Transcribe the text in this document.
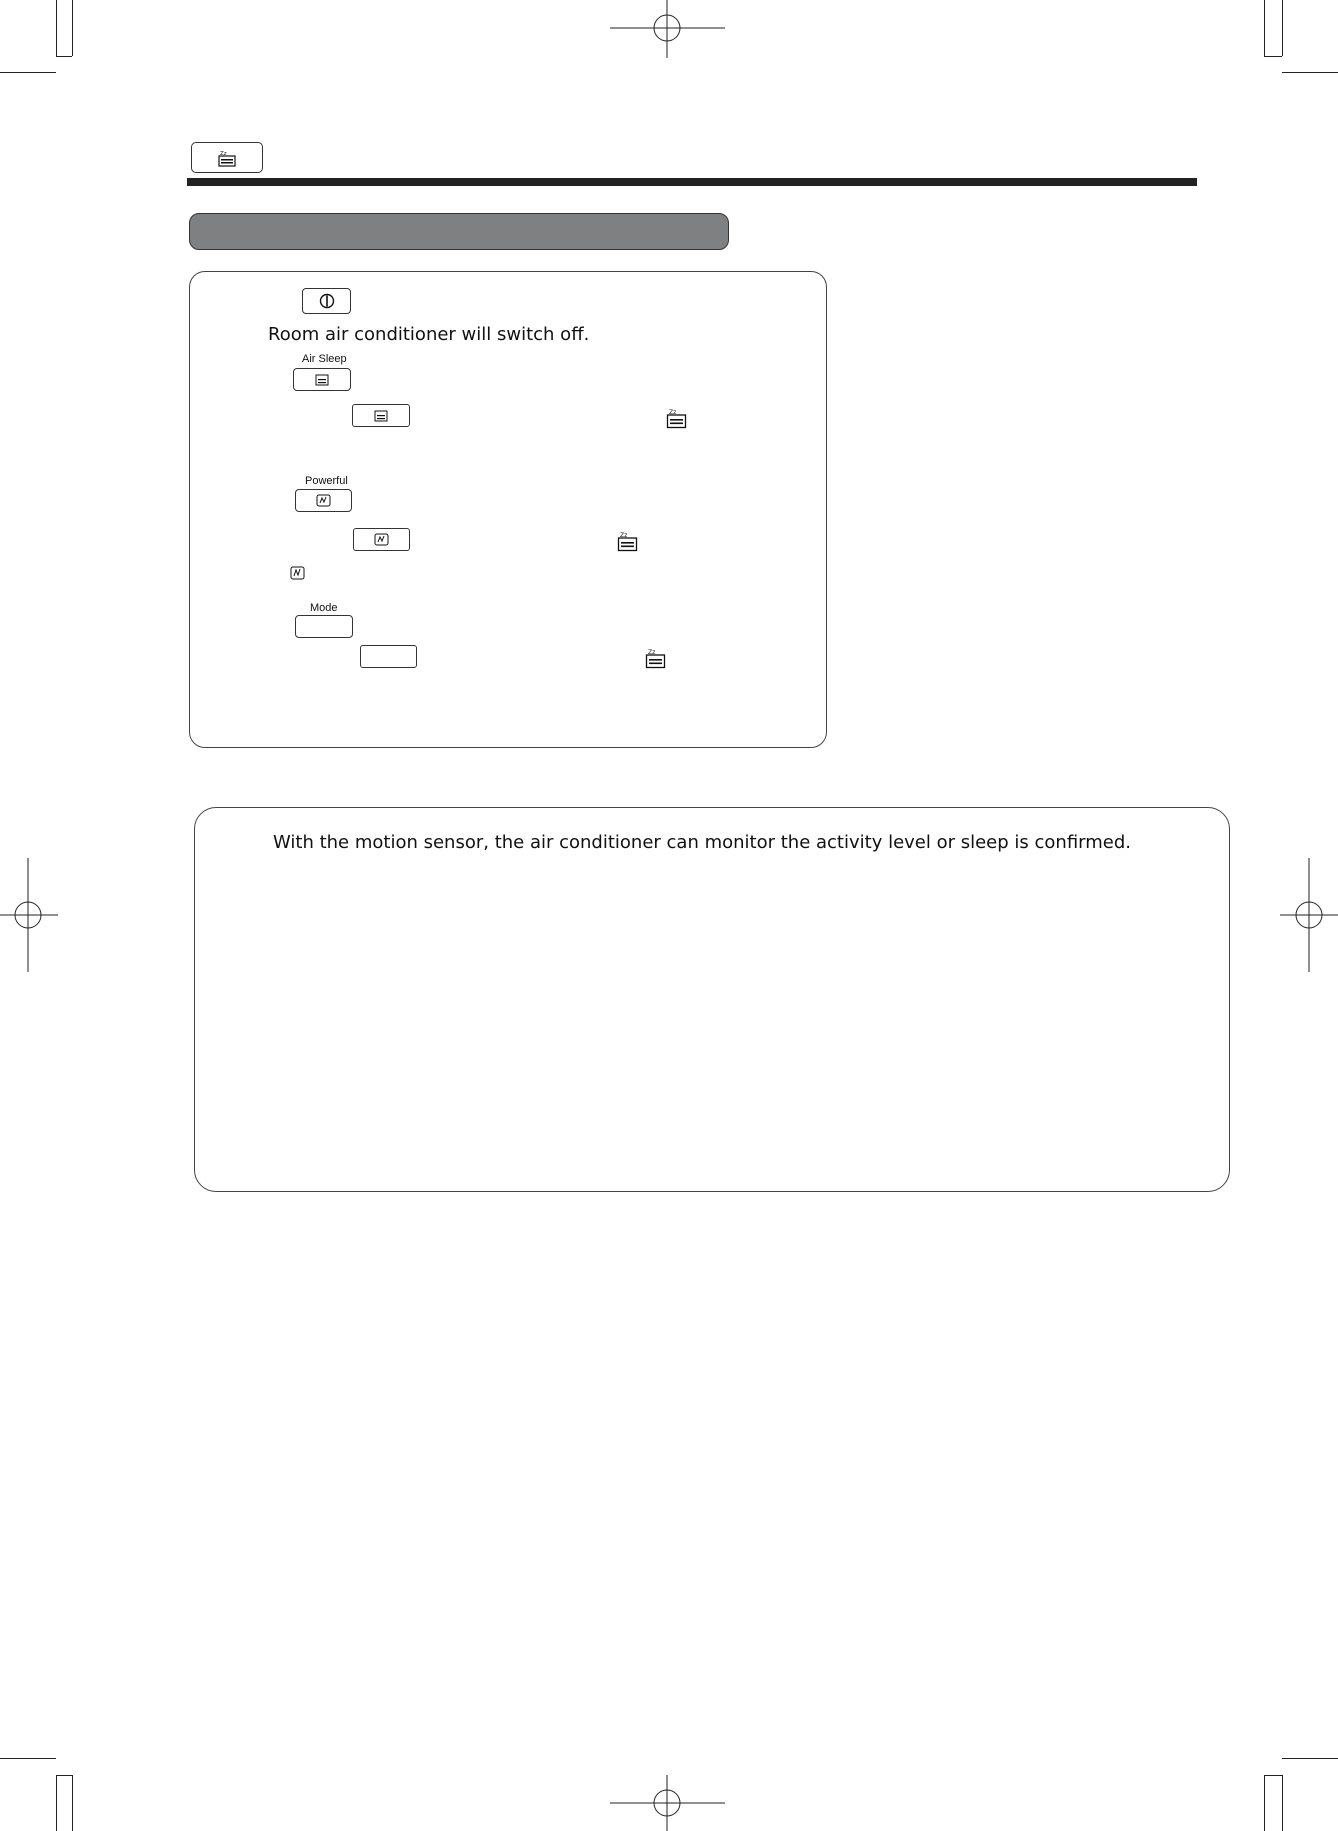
Zz
Room air conditioner will switch off.
Air Sleep
Zz
Powerful
Zz
Mode
Zz
With the motion sensor, the air conditioner can monitor the activity level or sleep is confirmed.
